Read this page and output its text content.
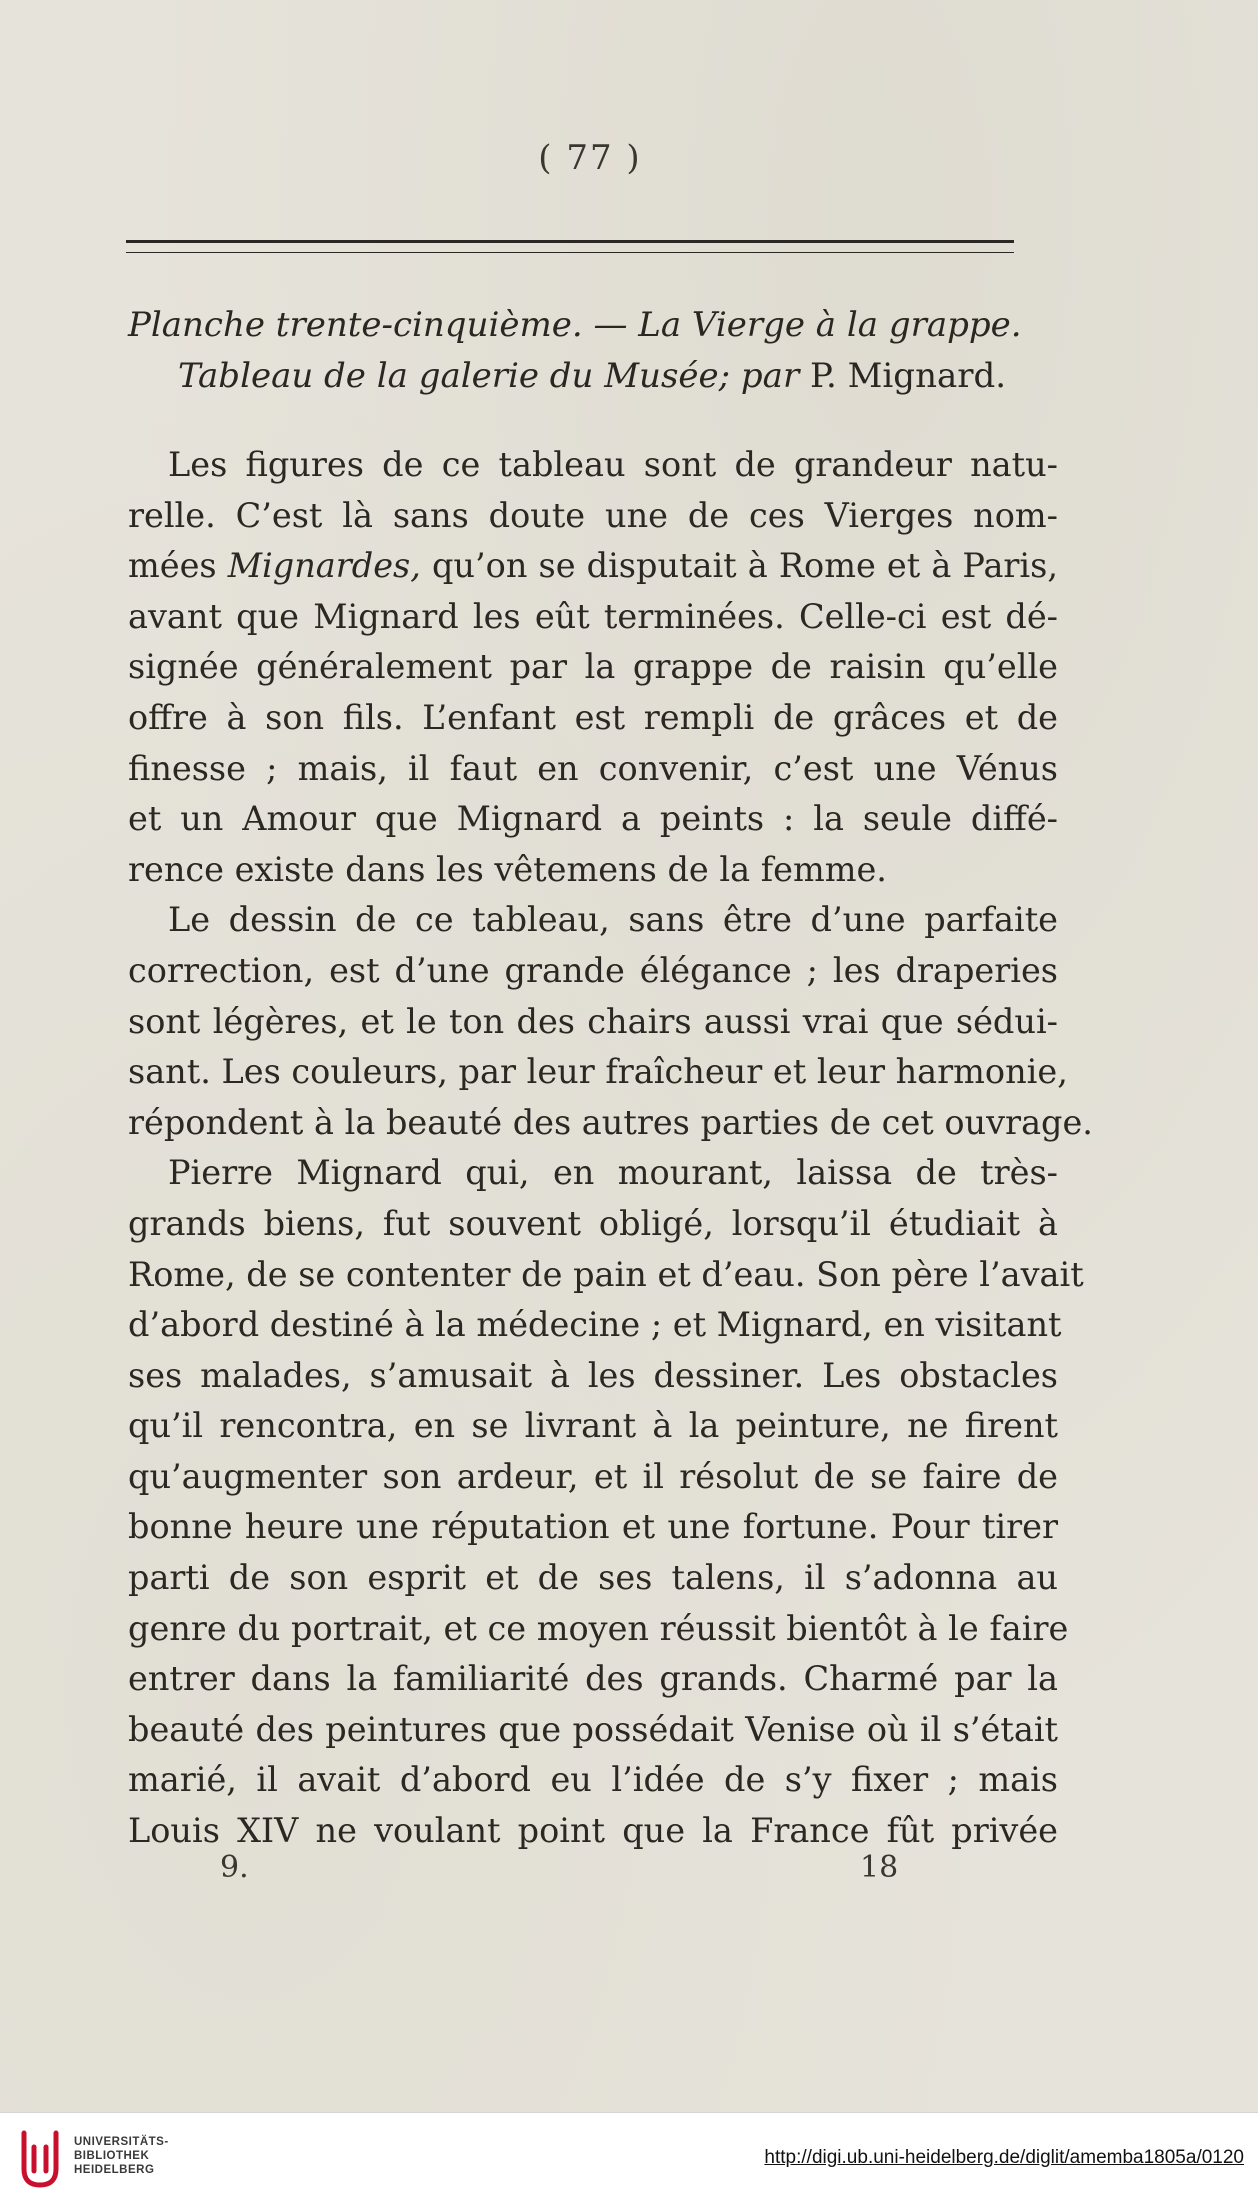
( 77 )
Planche trente-cinquième. — La Vierge à la grappe.
Tableau de la galerie du Musée; par P. Mignard.
Les figures de ce tableau sont de grandeur natu-
relle. C’est là sans doute une de ces Vierges nom-
mées Mignardes, qu’on se disputait à Rome et à Paris,
avant que Mignard les eût terminées. Celle-ci est dé-
signée généralement par la grappe de raisin qu’elle
offre à son fils. L’enfant est rempli de grâces et de
finesse ; mais, il faut en convenir, c’est une Vénus
et un Amour que Mignard a peints : la seule diffé-
rence existe dans les vêtemens de la femme.
Le dessin de ce tableau, sans être d’une parfaite
correction, est d’une grande élégance ; les draperies
sont légères, et le ton des chairs aussi vrai que sédui-
sant. Les couleurs, par leur fraîcheur et leur harmonie,
répondent à la beauté des autres parties de cet ouvrage.
Pierre Mignard qui, en mourant, laissa de très-
grands biens, fut souvent obligé, lorsqu’il étudiait à
Rome, de se contenter de pain et d’eau. Son père l’avait
d’abord destiné à la médecine ; et Mignard, en visitant
ses malades, s’amusait à les dessiner. Les obstacles
qu’il rencontra, en se livrant à la peinture, ne firent
qu’augmenter son ardeur, et il résolut de se faire de
bonne heure une réputation et une fortune. Pour tirer
parti de son esprit et de ses talens, il s’adonna au
genre du portrait, et ce moyen réussit bientôt à le faire
entrer dans la familiarité des grands. Charmé par la
beauté des peintures que possédait Venise où il s’était
marié, il avait d’abord eu l’idée de s’y fixer ; mais
Louis XIV ne voulant point que la France fût privée
9.	18
UNIVERSITÄTS-
BIBLIOTHEK
HEIDELBERG
http://digi.ub.uni-heidelberg.de/diglit/amemba1805a/0120
